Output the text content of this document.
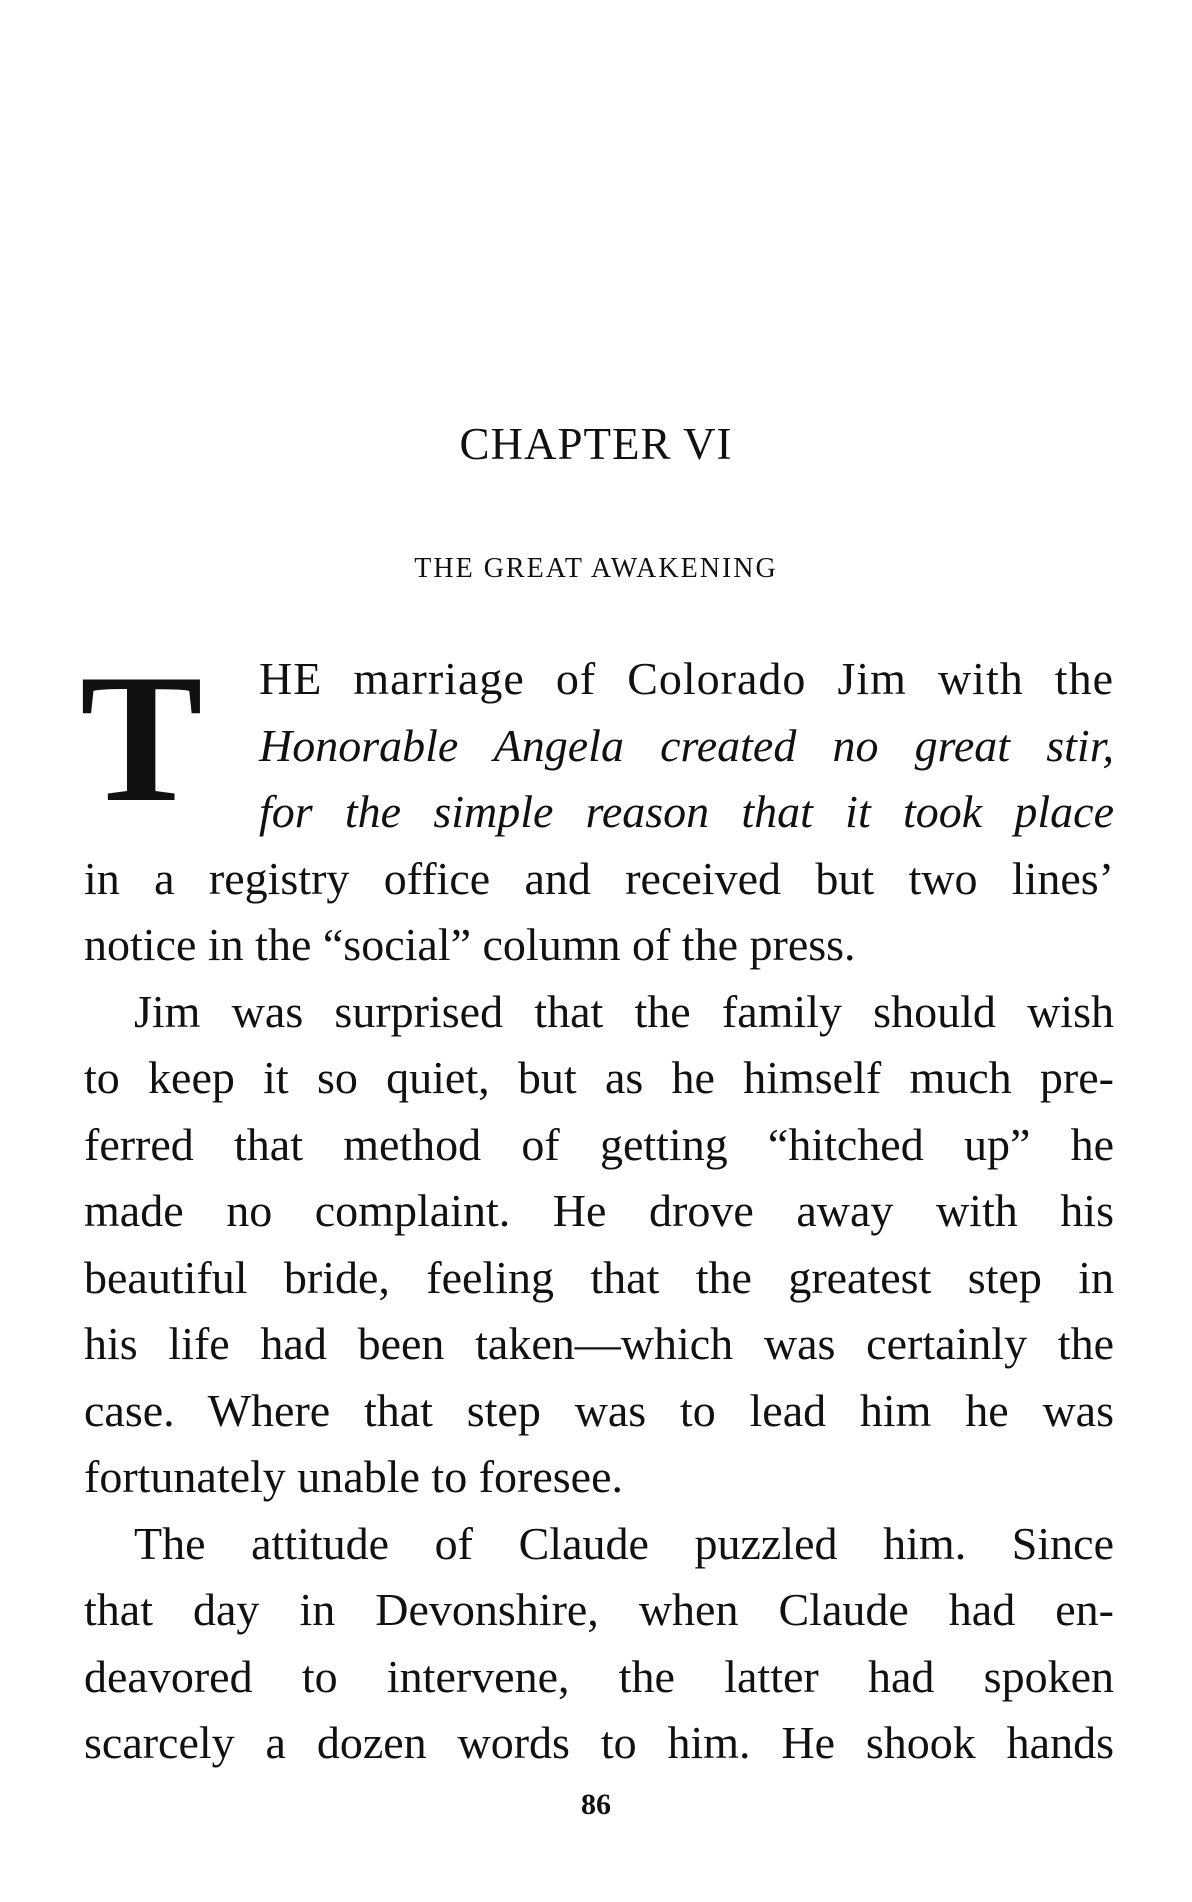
CHAPTER VI
THE GREAT AWAKENING
T	HE marriage of Colorado Jim with the
Honorable Angela created no great stir,
for the simple reason that it took place
in a registry office and received but two lines’
notice in the “social” column of the press.
Jim was surprised that the family should wish
to keep it so quiet, but as he himself much pre-
ferred that method of getting “hitched up” he
made no complaint. He drove away with his
beautiful bride, feeling that the greatest step in
his life had been taken—which was certainly the
case. Where that step was to lead him he was
fortunately unable to foresee.
The attitude of Claude puzzled him. Since
that day in Devonshire, when Claude had en-
deavored to intervene, the latter had spoken
scarcely a dozen words to him. He shook hands
86
